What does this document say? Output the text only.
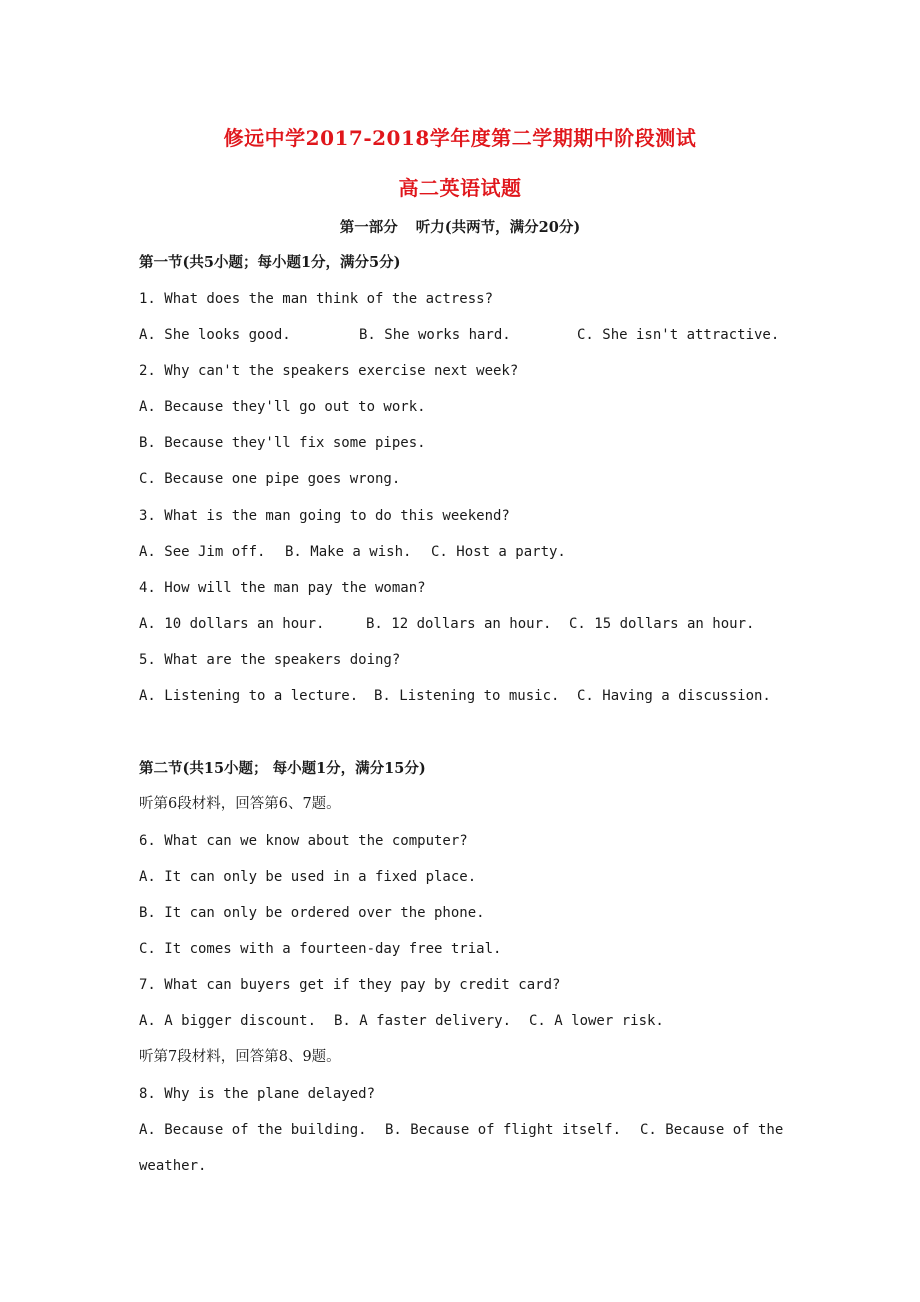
修远中学2017-2018学年度第二学期期中阶段测试
高二英语试题
第一部分 听力(共两节，满分20分)
第一节(共5小题；每小题1分，满分5分)
1. What does the man think of the actress?
A. She looks good.	B. She works hard.	C. She isn't attractive.
2. Why can't the speakers exercise next week?
A. Because they'll go out to work.
B. Because they'll fix some pipes.
C. Because one pipe goes wrong.
3. What is the man going to do this weekend?
A. See Jim off. B. Make a wish. C. Host a party.
4. How will the man pay the woman?
A. 10 dollars an hour.	B. 12 dollars an hour. C. 15 dollars an hour.
5. What are the speakers doing?
A. Listening to a lecture. B. Listening to music. C. Having a discussion.
第二节(共15小题； 每小题1分，满分15分)
听第6段材料，回答第6、7题。
6. What can we know about the computer?
A. It can only be used in a fixed place.
B. It can only be ordered over the phone.
C. It comes with a fourteen-day free trial.
7. What can buyers get if they pay by credit card?
A. A bigger discount. B. A faster delivery. C. A lower risk.
听第7段材料，回答第8、9题。
8. Why is the plane delayed?
A. Because of the building. B. Because of flight itself. C. Because of the
weather.
